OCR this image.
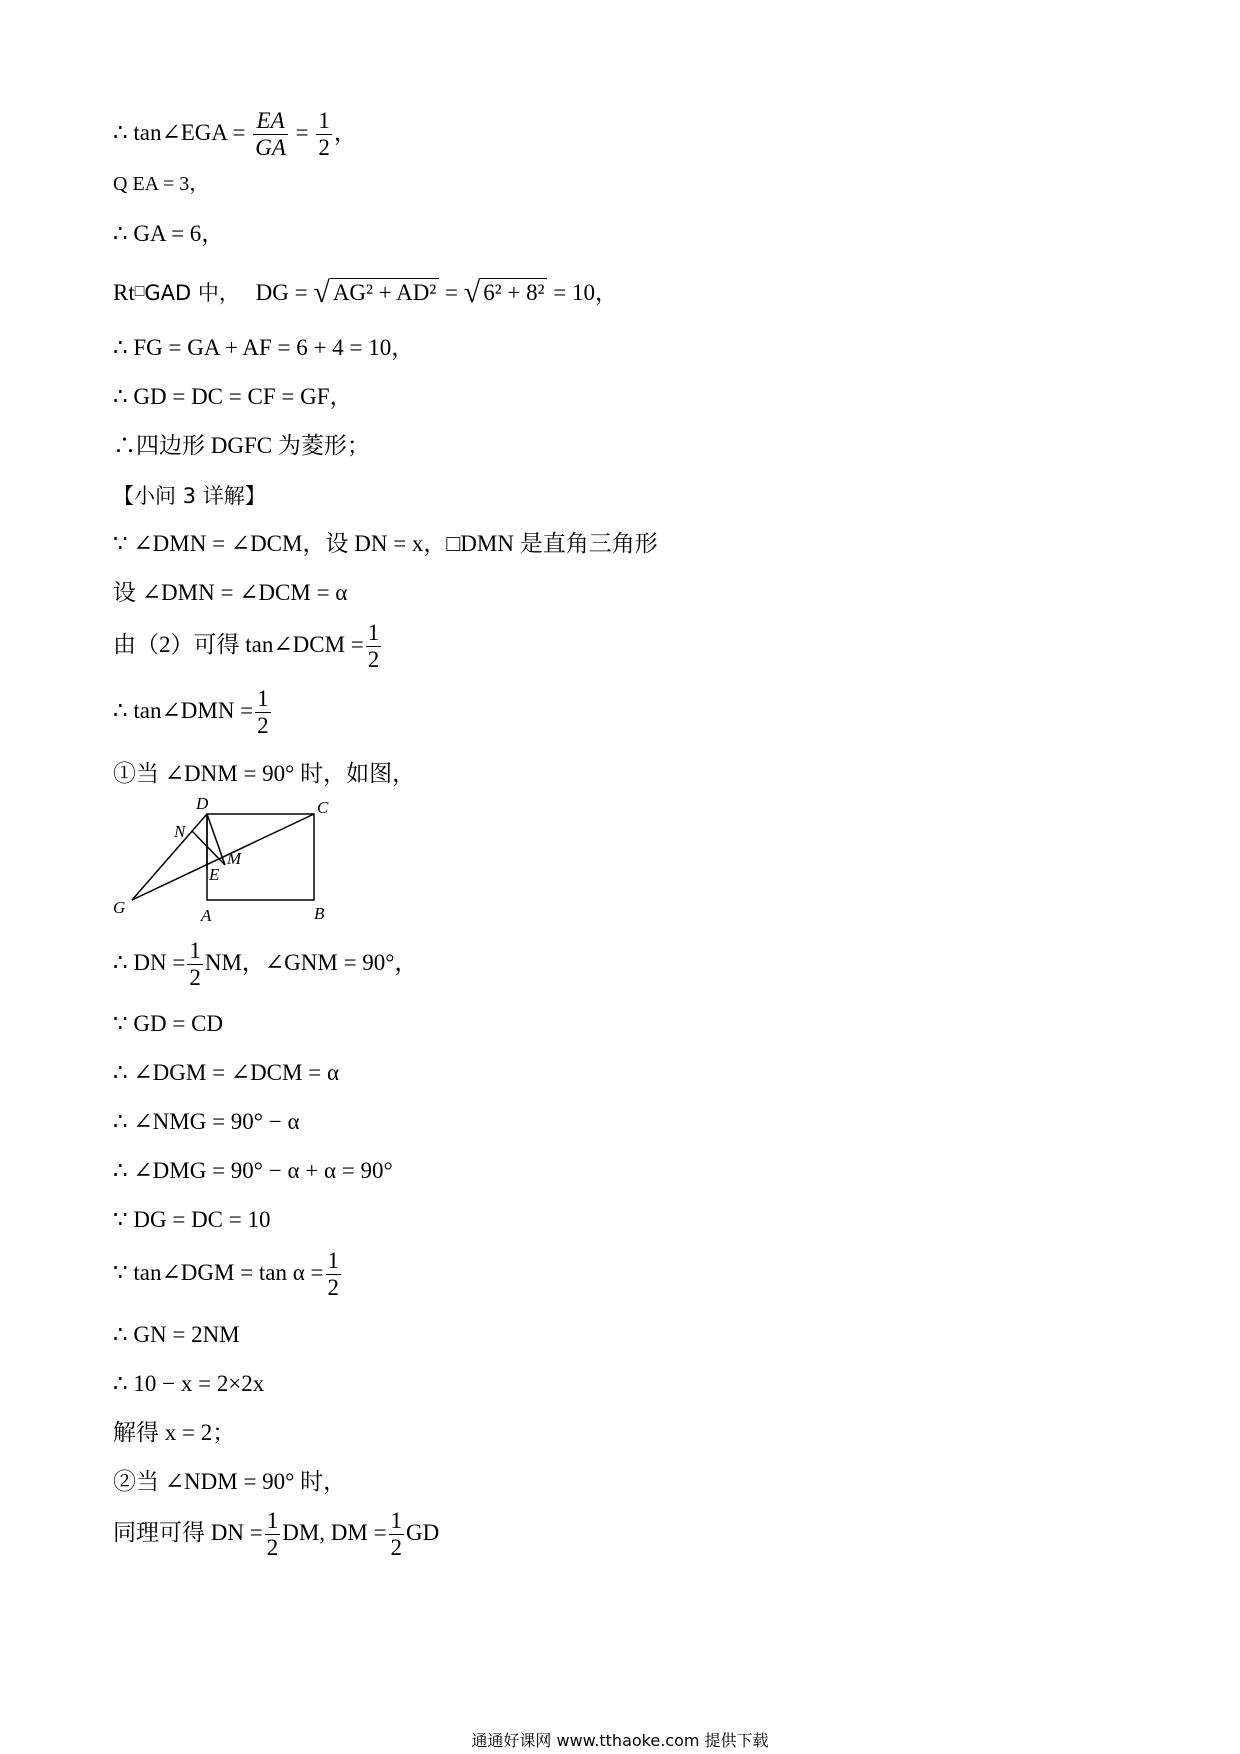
∴ tan∠EGA = $\frac{EA}{GA} = \frac{1}{2}$ ，
Q EA = 3，
∴ GA = 6，
Rt□GAD 中， DG = √ AG² + AD² = √ 6² + 8² = 10，
∴ FG = GA + AF = 6 + 4 = 10，
∴ GD = DC = CF = GF，
∴四边形 DGFC 为菱形；
【小问 3 详解】
∵ ∠DMN = ∠DCM，设 DN = x，□DMN 是直角三角形
设 ∠DMN = ∠DCM = α
由（2）可得 tan∠DCM = $\frac{1}{2}$
∴ tan∠DMN = $\frac{1}{2}$
①当 ∠DNM = 90° 时，如图，
D	C
N
M
E
G	A	B
∴ DN = $\frac{1}{2}$ NM，∠GNM = 90°，
∵ GD = CD
∴ ∠DGM = ∠DCM = α
∴ ∠NMG = 90° − α
∴ ∠DMG = 90° − α + α = 90°
∵ DG = DC = 10
∵ tan∠DGM = $\tan \alpha = \frac{1}{2}$
∴ GN = 2NM
∴ 10 − x = 2×2x
解得 x = 2；
②当 ∠NDM = 90° 时，
同理可得 DN = $\frac{1}{2}$ DM, DM = $\frac{1}{2}$ GD
通通好课网 www.tthaoke.com 提供下载
